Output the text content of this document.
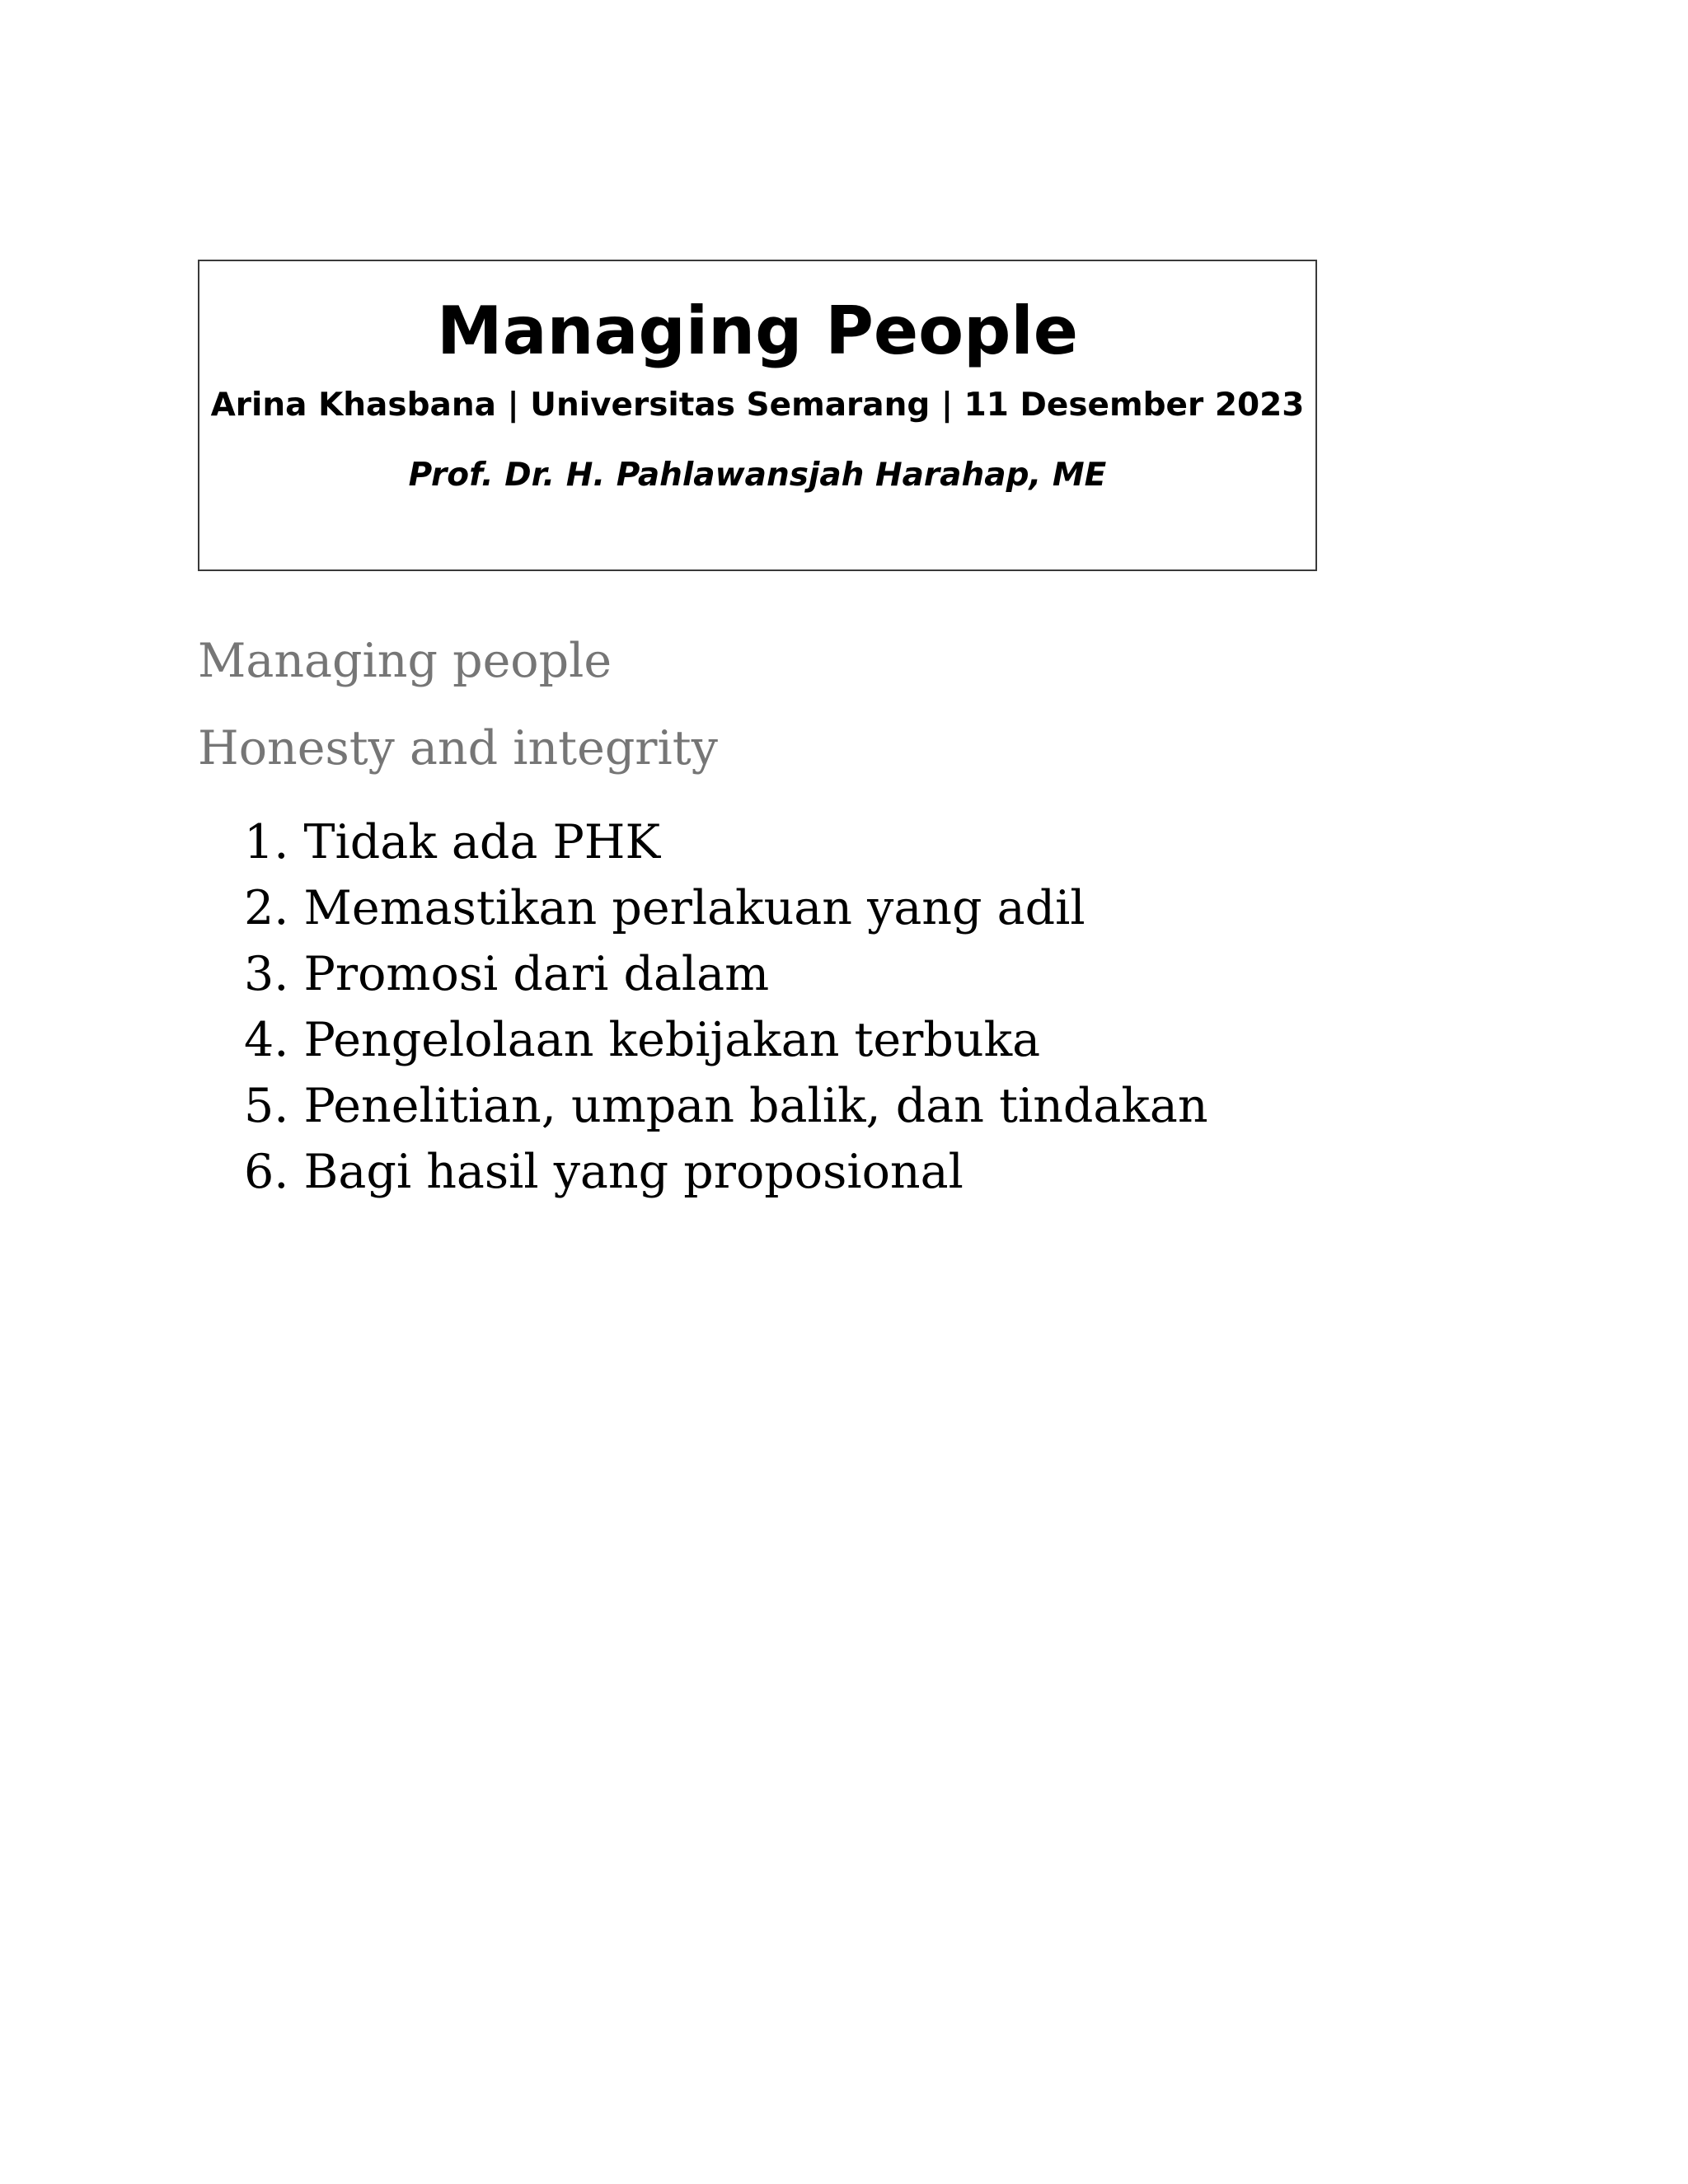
Managing People

Arina Khasbana | Universitas Semarang | 11 Desember 2023

Prof. Dr. H. Pahlawansjah Harahap, ME

Managing people
Honesty and integrity
1. Tidak ada PHK
2. Memastikan perlakuan yang adil
3. Promosi dari dalam
4. Pengelolaan kebijakan terbuka
5. Penelitian, umpan balik, dan tindakan
6. Bagi hasil yang proposional
